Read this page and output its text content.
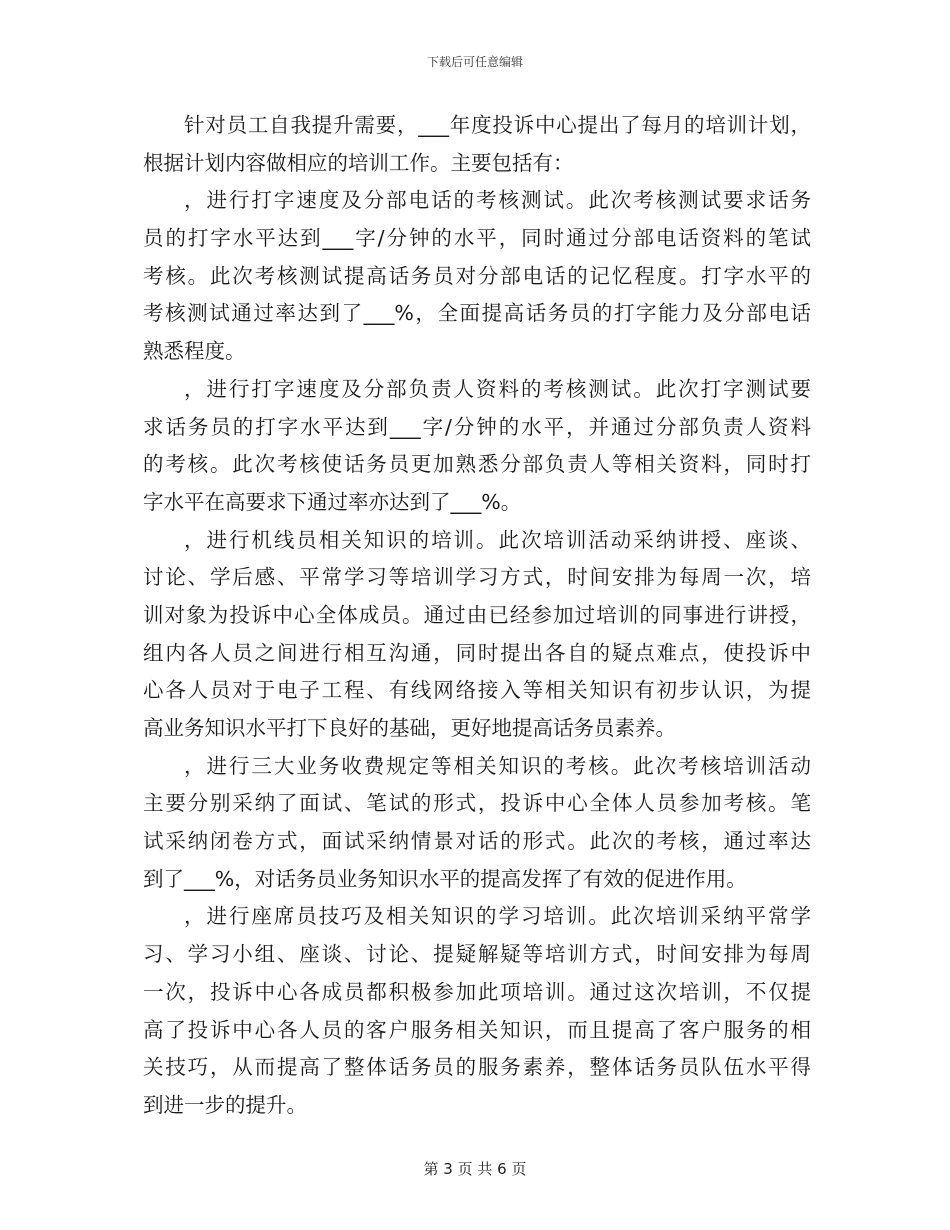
下载后可任意编辑
针对员工自我提升需要，___年度投诉中心提出了每月的培训计划，
根据计划内容做相应的培训工作。主要包括有：
，进行打字速度及分部电话的考核测试。此次考核测试要求话务
员的打字水平达到___字/分钟的水平，同时通过分部电话资料的笔试
考核。此次考核测试提高话务员对分部电话的记忆程度。打字水平的
考核测试通过率达到了___%，全面提高话务员的打字能力及分部电话
熟悉程度。
，进行打字速度及分部负责人资料的考核测试。此次打字测试要
求话务员的打字水平达到___字/分钟的水平，并通过分部负责人资料
的考核。此次考核使话务员更加熟悉分部负责人等相关资料，同时打
字水平在高要求下通过率亦达到了___%。
，进行机线员相关知识的培训。此次培训活动采纳讲授、座谈、
讨论、学后感、平常学习等培训学习方式，时间安排为每周一次，培
训对象为投诉中心全体成员。通过由已经参加过培训的同事进行讲授，
组内各人员之间进行相互沟通，同时提出各自的疑点难点，使投诉中
心各人员对于电子工程、有线网络接入等相关知识有初步认识，为提
高业务知识水平打下良好的基础，更好地提高话务员素养。
，进行三大业务收费规定等相关知识的考核。此次考核培训活动
主要分别采纳了面试、笔试的形式，投诉中心全体人员参加考核。笔
试采纳闭卷方式，面试采纳情景对话的形式。此次的考核，通过率达
到了___%，对话务员业务知识水平的提高发挥了有效的促进作用。
，进行座席员技巧及相关知识的学习培训。此次培训采纳平常学
习、学习小组、座谈、讨论、提疑解疑等培训方式，时间安排为每周
一次，投诉中心各成员都积极参加此项培训。通过这次培训，不仅提
高了投诉中心各人员的客户服务相关知识，而且提高了客户服务的相
关技巧，从而提高了整体话务员的服务素养，整体话务员队伍水平得
到进一步的提升。
第 3 页 共 6 页
